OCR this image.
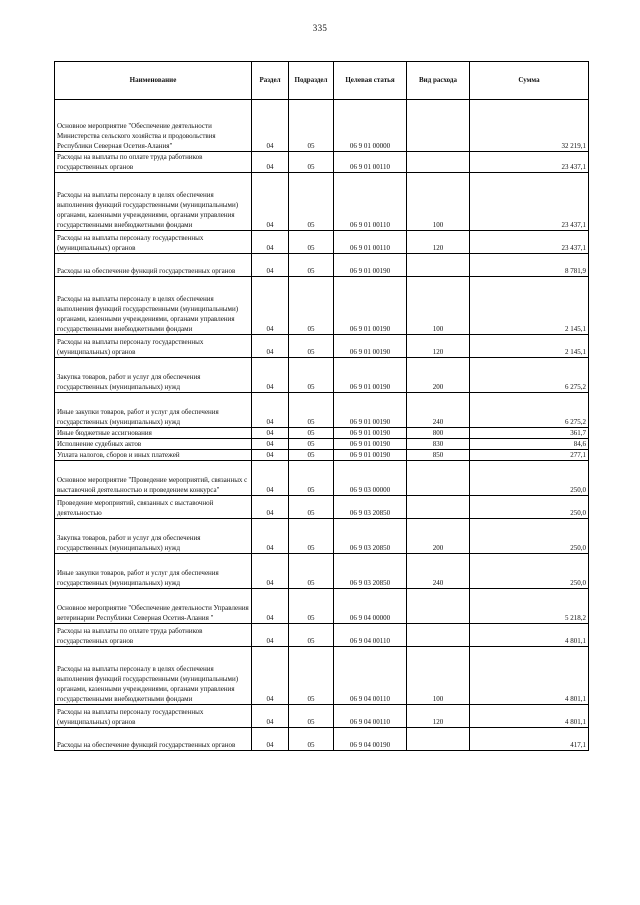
335
Наименование	Раздел	Подраздел	Целевая статья	Вид расхода	Сумма
Основное мероприятие "Обеспечение деятельности Министерства сельского хозяйства и продовольствия Республики Северная Осетия-Алания"	04	05	06 9 01 00000		32 219,1
Расходы на выплаты по оплате труда работников государственных органов	04	05	06 9 01 00110		23 437,1
Расходы на выплаты персоналу в целях обеспечения выполнения функций государственными (муниципальными) органами, казенными учреждениями, органами управления государственными внебюджетными фондами	04	05	06 9 01 00110	100	23 437,1
Расходы на выплаты персоналу государственных (муниципальных) органов	04	05	06 9 01 00110	120	23 437,1
Расходы на обеспечение функций государственных органов	04	05	06 9 01 00190		8 781,9
Расходы на выплаты персоналу в целях обеспечения выполнения функций государственными (муниципальными) органами, казенными учреждениями, органами управления государственными внебюджетными фондами	04	05	06 9 01 00190	100	2 145,1
Расходы на выплаты персоналу государственных (муниципальных) органов	04	05	06 9 01 00190	120	2 145,1
Закупка товаров, работ и услуг для обеспечения государственных (муниципальных) нужд	04	05	06 9 01 00190	200	6 275,2
Иные закупки товаров, работ и услуг для обеспечения государственных (муниципальных) нужд	04	05	06 9 01 00190	240	6 275,2
Иные бюджетные ассигнования	04	05	06 9 01 00190	800	361,7
Исполнение судебных актов	04	05	06 9 01 00190	830	84,6
Уплата налогов, сборов и иных платежей	04	05	06 9 01 00190	850	277,1
Основное мероприятие "Проведение мероприятий, связанных с выставочной деятельностью и проведением конкурса"	04	05	06 9 03 00000		250,0
Проведение мероприятий, связанных с выставочной деятельностью	04	05	06 9 03 20850		250,0
Закупка товаров, работ и услуг для обеспечения государственных (муниципальных) нужд	04	05	06 9 03 20850	200	250,0
Иные закупки товаров, работ и услуг для обеспечения государственных (муниципальных) нужд	04	05	06 9 03 20850	240	250,0
Основное мероприятие "Обеспечение деятельности Управления ветеринарии Республики Северная Осетия-Алания "	04	05	06 9 04 00000		5 218,2
Расходы на выплаты по оплате труда работников государственных органов	04	05	06 9 04 00110		4 801,1
Расходы на выплаты персоналу в целях обеспечения выполнения функций государственными (муниципальными) органами, казенными учреждениями, органами управления государственными внебюджетными фондами	04	05	06 9 04 00110	100	4 801,1
Расходы на выплаты персоналу государственных (муниципальных) органов	04	05	06 9 04 00110	120	4 801,1
Расходы на обеспечение функций государственных органов	04	05	06 9 04 00190		417,1
